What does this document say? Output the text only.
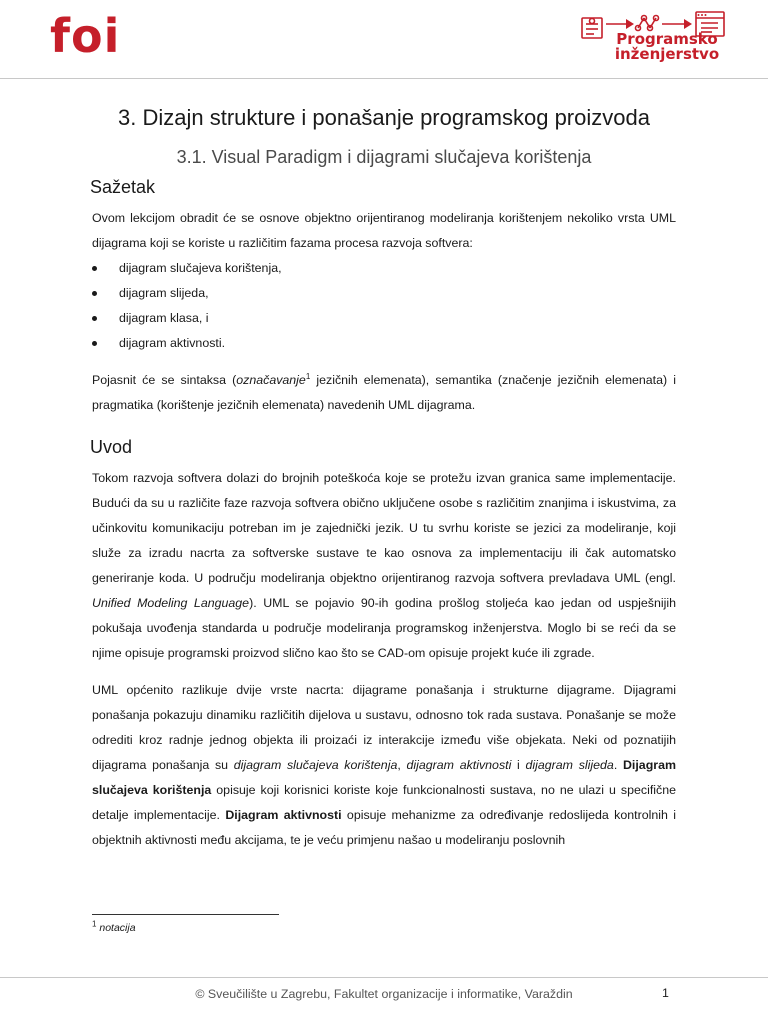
foi	Programsko
inženjerstvo
3. Dizajn strukture i ponašanje programskog proizvoda
3.1. Visual Paradigm i dijagrami slučajeva korištenja
Sažetak

Ovom lekcijom obradit će se osnove objektno orijentiranog modeliranja korištenjem nekoliko vrsta UML dijagrama koji se koriste u različitim fazama procesa razvoja softvera:

dijagram slučajeva korištenja,
dijagram slijeda,
dijagram klasa, i
dijagram aktivnosti.

Pojasnit će se sintaksa (označavanje$^1$ jezičnih elemenata), semantika (značenje jezičnih elemenata) i pragmatika (korištenje jezičnih elemenata) navedenih UML dijagrama.

Uvod

Tokom razvoja softvera dolazi do brojnih poteškoća koje se protežu izvan granica same implementacije. Budući da su u različite faze razvoja softvera obično uključene osobe s različitim znanjima i iskustvima, za učinkovitu komunikaciju potreban im je zajednički jezik. U tu svrhu koriste se jezici za modeliranje, koji služe za izradu nacrta za softverske sustave te kao osnova za implementaciju ili čak automatsko generiranje koda. U području modeliranja objektno orijentiranog razvoja softvera prevladava UML (engl. Unified Modeling Language). UML se pojavio 90-ih godina prošlog stoljeća kao jedan od uspješnijih pokušaja uvođenja standarda u područje modeliranja programskog inženjerstva. Moglo bi se reći da se njime opisuje programski proizvod slično kao što se CAD-om opisuje projekt kuće ili zgrade.

UML općenito razlikuje dvije vrste nacrta: dijagrame ponašanja i strukturne dijagrame. Dijagrami ponašanja pokazuju dinamiku različitih dijelova u sustavu, odnosno tok rada sustava. Ponašanje se može odrediti kroz radnje jednog objekta ili proizaći iz interakcije između više objekata. Neki od poznatijih dijagrama ponašanja su dijagram slučajeva korištenja, dijagram aktivnosti i dijagram slijeda. Dijagram slučajeva korištenja opisuje koji korisnici koriste koje funkcionalnosti sustava, no ne ulazi u specifične detalje implementacije. Dijagram aktivnosti opisuje mehanizme za određivanje redoslijeda kontrolnih i objektnih aktivnosti među akcijama, te je veću primjenu našao u modeliranju poslovnih

$^1$ notacija
© Sveučilište u Zagrebu, Fakultet organizacije i informatike, Varaždin	1
